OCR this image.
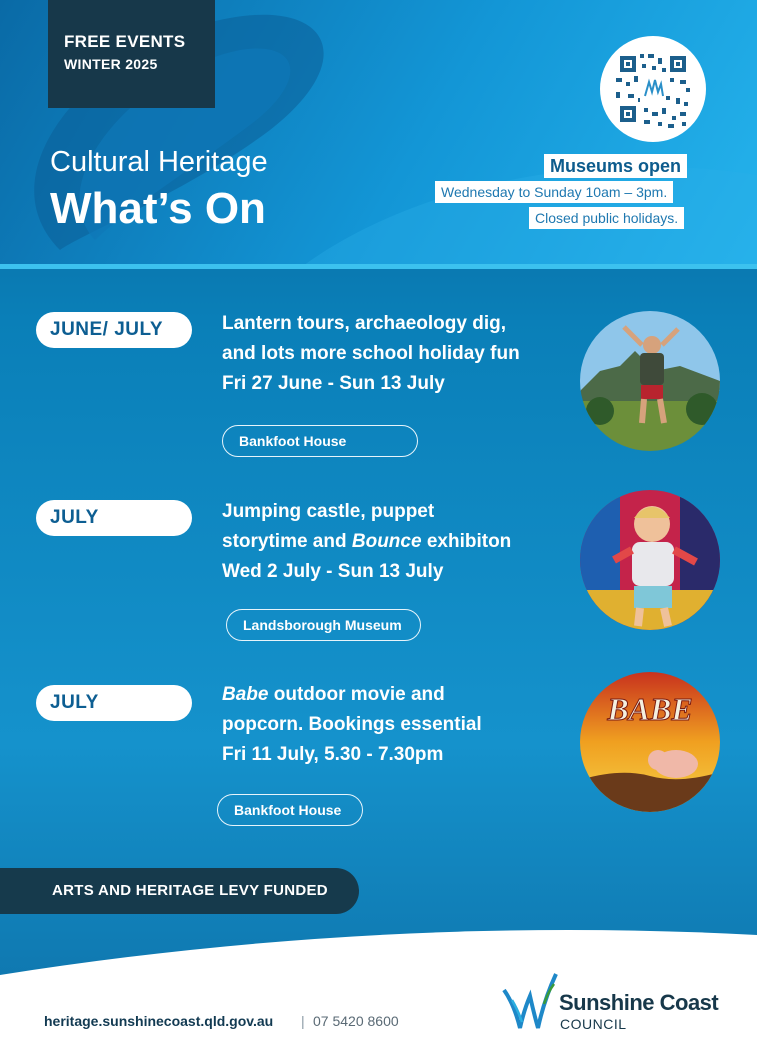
FREE EVENTS
WINTER 2025
Cultural Heritage
What’s On
Museums open
Wednesday to Sunday 10am – 3pm.
Closed public holidays.
JUNE/ JULY	Lantern tours, archaeology dig,
and lots more school holiday fun
Fri 27 June - Sun 13 July
Bankfoot House
JULY	Jumping castle, puppet
storytime and Bounce exhibiton
Wed 2 July - Sun 13 July
Landsborough Museum
JULY	Babe outdoor movie and
popcorn. Bookings essential
Fri 11 July, 5.30 - 7.30pm
Bankfoot House
BABE
ARTS AND HERITAGE LEVY FUNDED
heritage.sunshinecoast.qld.gov.au | 07 5420 8600
Sunshine Coast
COUNCIL
